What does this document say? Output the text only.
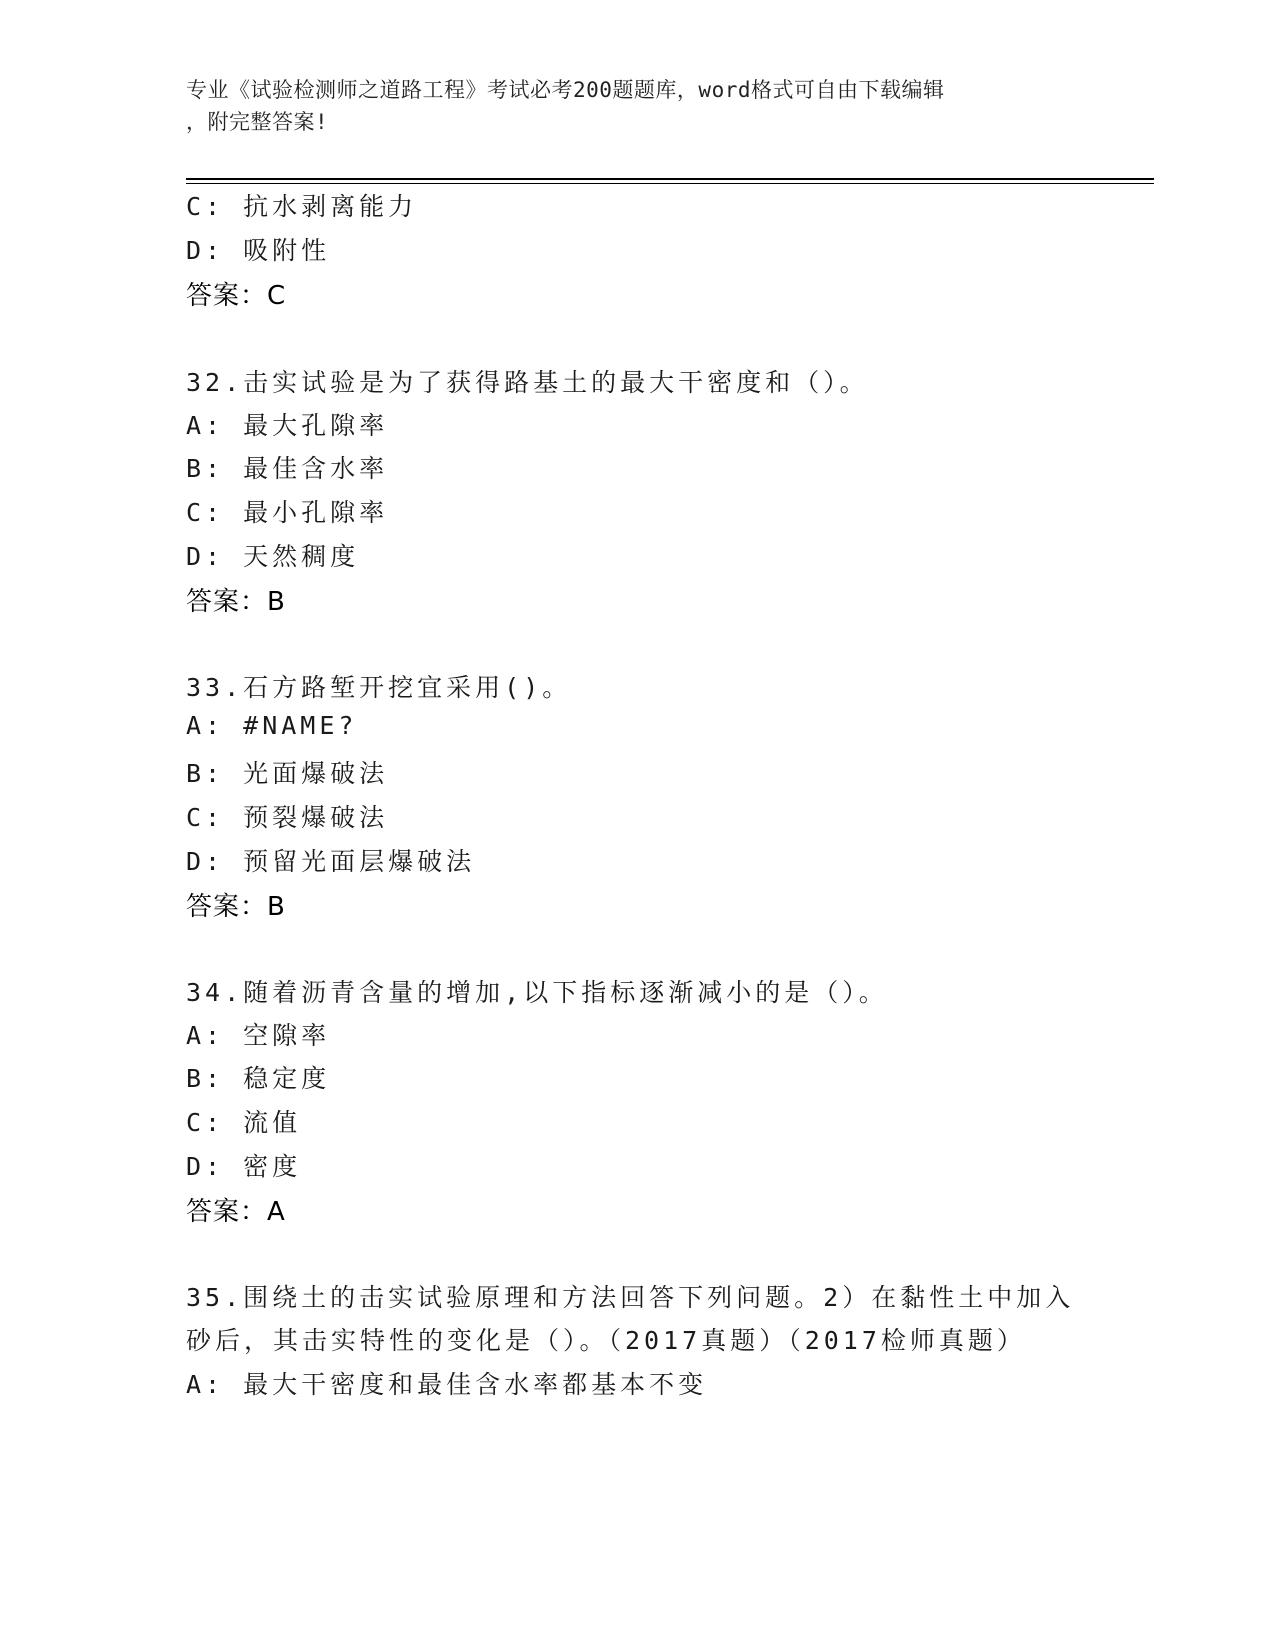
专业《试验检测师之道路工程》考试必考200题题库，word格式可自由下载编辑
，附完整答案!
C: 抗水剥离能力
D: 吸附性
答案：C
32.击实试验是为了获得路基土的最大干密度和（）。
A: 最大孔隙率
B: 最佳含水率
C: 最小孔隙率
D: 天然稠度
答案：B
33.石方路堑开挖宜采用()。
A: #NAME?
B: 光面爆破法
C: 预裂爆破法
D: 预留光面层爆破法
答案：B
34.随着沥青含量的增加,以下指标逐渐减小的是（）。
A: 空隙率
B: 稳定度
C: 流值
D: 密度
答案：A
35.围绕土的击实试验原理和方法回答下列问题。2）在黏性土中加入
砂后，其击实特性的变化是（）。（2017真题）（2017检师真题）
A: 最大干密度和最佳含水率都基本不变
